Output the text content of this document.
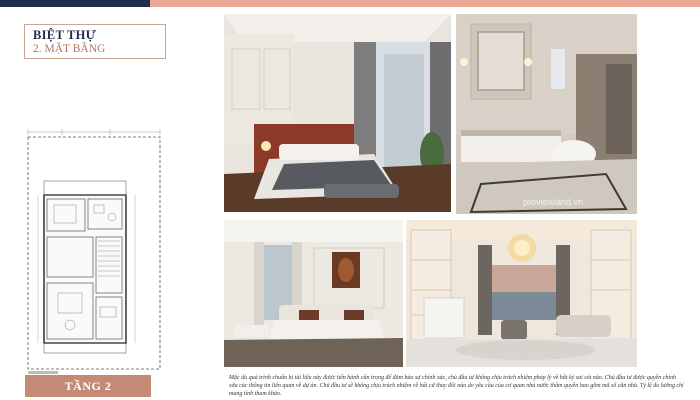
BIỆT THỰ
2. MẶT BẰNG
TẦNG 2
proviewland.vn
Mặc dù quá trình chuẩn bị tài liệu này được tiến hành cẩn trọng để đảm bảo sự chính xác, chủ đầu tư không chịu trách nhiệm pháp lý về bất kỳ sai sót nào. Chủ đầu tư được quyền chỉnh sửa các thông tin liên quan về dự án. Chủ đầu tư sẽ không chịu trách nhiệm về bất cứ thay đổi nào do yêu cầu của cơ quan nhà nước thẩm quyền bao gồm mã số căn nhà. Tỷ lệ đo lường chỉ mang tính tham khảo.
